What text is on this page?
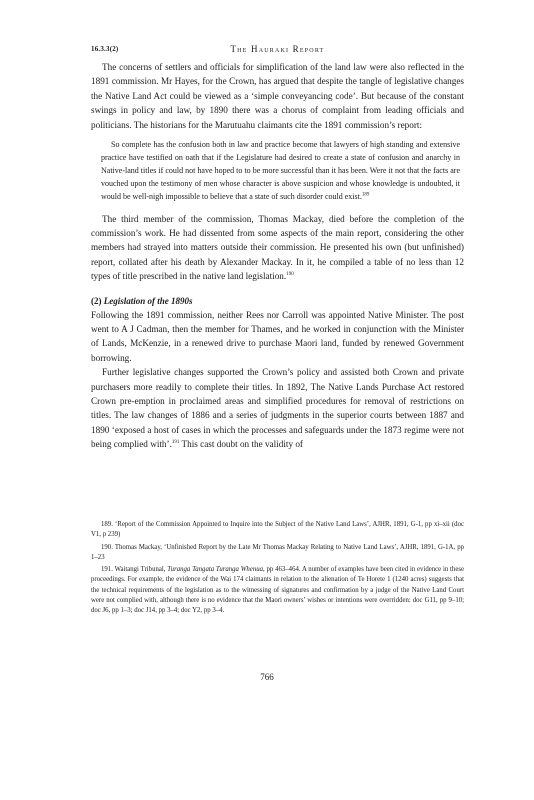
16.3.3(2)	The Hauraki Report

The concerns of settlers and officials for simplification of the land law were also reflected in the 1891 commission. Mr Hayes, for the Crown, has argued that despite the tangle of legislative changes the Native Land Act could be viewed as a ‘simple conveyancing code’. But because of the constant swings in policy and law, by 1890 there was a chorus of complaint from leading officials and politicians. The historians for the Marutuahu claimants cite the 1891 commission’s report:

So complete has the confusion both in law and practice become that lawyers of high standing and extensive practice have testified on oath that if the Legislature had desired to create a state of confusion and anarchy in Native-land titles if could not have hoped to to be more successful than it has been. Were it not that the facts are vouched upon the testimony of men whose character is above suspicion and whose knowledge is undoubted, it would be well-nigh impossible to believe that a state of such disorder could exist.$^{189}$

The third member of the commission, Thomas Mackay, died before the completion of the commission’s work. He had dissented from some aspects of the main report, considering the other members had strayed into matters outside their commission. He presented his own (but unfinished) report, collated after his death by Alexander Mackay. In it, he compiled a table of no less than 12 types of title prescribed in the native land legislation.$^{190}$

(2) Legislation of the 1890s

Following the 1891 commission, neither Rees nor Carroll was appointed Native Minister. The post went to A J Cadman, then the member for Thames, and he worked in conjunction with the Minister of Lands, McKenzie, in a renewed drive to purchase Maori land, funded by renewed Government borrowing.

Further legislative changes supported the Crown’s policy and assisted both Crown and private purchasers more readily to complete their titles. In 1892, The Native Lands Purchase Act restored Crown pre-emption in proclaimed areas and simplified procedures for removal of restrictions on titles. The law changes of 1886 and a series of judgments in the superior courts between 1887 and 1890 ‘exposed a host of cases in which the processes and safeguards under the 1873 regime were not being complied with’.$^{191}$ This cast doubt on the validity of

189. ‘Report of the Commission Appointed to Inquire into the Subject of the Native Land Laws’, AJHR, 1891, G-1, pp xi–xii (doc V1, p 239)

190. Thomas Mackay, ‘Unfinished Report by the Late Mr Thomas Mackay Relating to Native Land Laws’, AJHR, 1891, G-1A, pp 1–23

191. Waitangi Tribunal, Turanga Tangata Turanga Whenua, pp 463–464. A number of examples have been cited in evidence in these proceedings. For example, the evidence of the Wai 174 claimants in relation to the alienation of Te Horete 1 (1240 acres) suggests that the technical requirements of the legislation as to the witnessing of signatures and confirmation by a judge of the Native Land Court were not complied with, although there is no evidence that the Maori owners’ wishes or intentions were overridden: doc G11, pp 9–10; doc J6, pp 1–3; doc J14, pp 3–4; doc Y2, pp 3–4.

766
